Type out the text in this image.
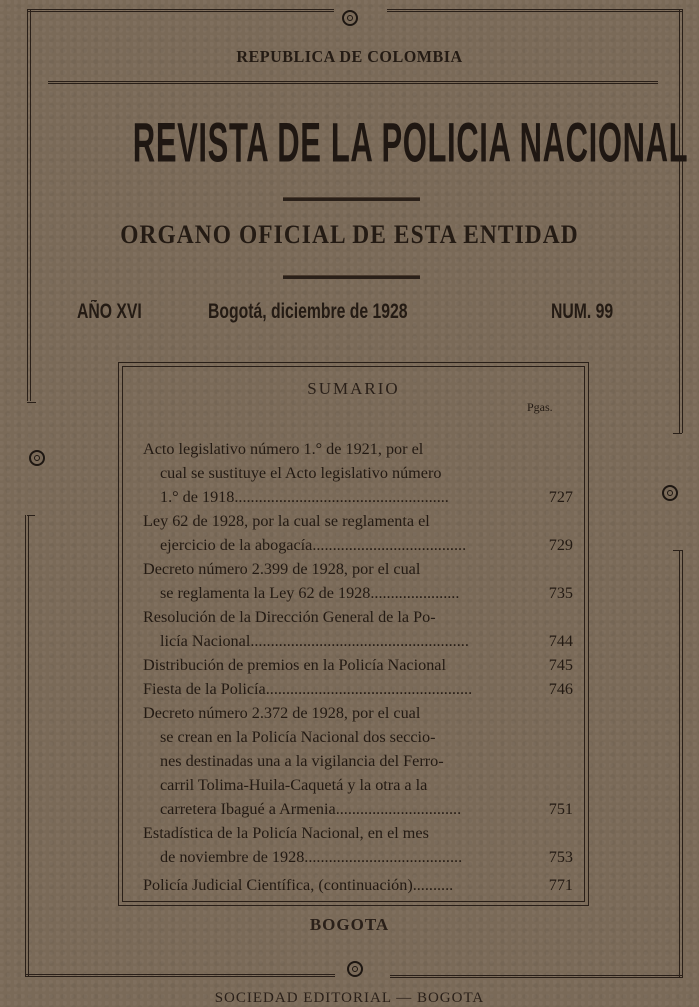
REPUBLICA DE COLOMBIA
REVISTA DE LA POLICIA NACIONAL
ORGANO OFICIAL DE ESTA ENTIDAD
AÑO XVI	Bogotá, diciembre de 1928	NUM. 99
SUMARIO
Pgas.
Acto legislativo número 1.° de 1921, por el
cual se sustituye el Acto legislativo número
1.° de 1918.....................................................	727
Ley 62 de 1928, por la cual se reglamenta el
ejercicio de la abogacía......................................	729
Decreto número 2.399 de 1928, por el cual
se reglamenta la Ley 62 de 1928......................	735
Resolución de la Dirección General de la Po-
licía Nacional......................................................	744
Distribución de premios en la Policía Nacional	745
Fiesta de la Policía...................................................	746
Decreto número 2.372 de 1928, por el cual
se crean en la Policía Nacional dos seccio-
nes destinadas una a la vigilancia del Ferro-
carril Tolima-Huila-Caquetá y la otra a la
carretera Ibagué a Armenia...............................	751
Estadística de la Policía Nacional, en el mes
de noviembre de 1928.......................................	753
Policía Judicial Científica, (continuación)..........	771
BOGOTA
SOCIEDAD EDITORIAL — BOGOTA
